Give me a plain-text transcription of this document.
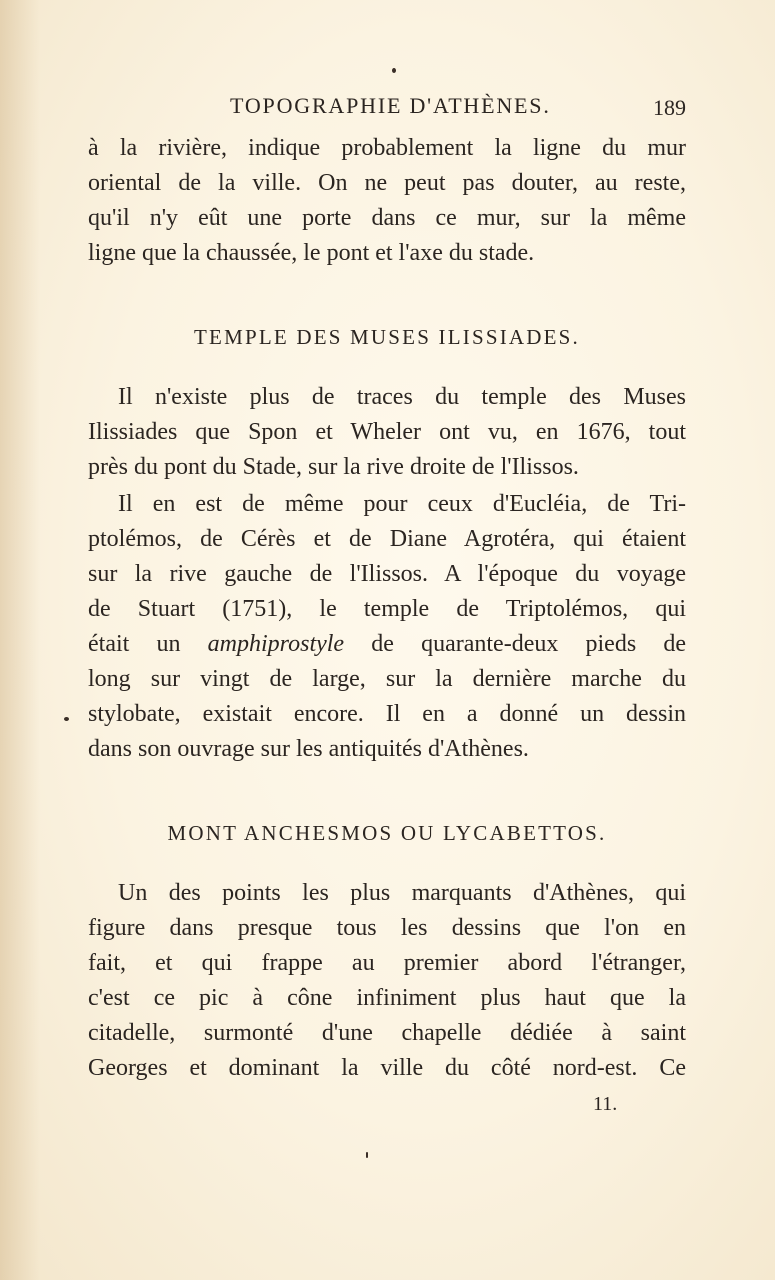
TOPOGRAPHIE D'ATHÈNES.	189
à la rivière, indique probablement la ligne du mur
oriental de la ville. On ne peut pas douter, au reste,
qu'il n'y eût une porte dans ce mur, sur la même
ligne que la chaussée, le pont et l'axe du stade.
TEMPLE DES MUSES ILISSIADES.
Il n'existe plus de traces du temple des Muses
Ilissiades que Spon et Wheler ont vu, en 1676, tout
près du pont du Stade, sur la rive droite de l'Ilissos.
Il en est de même pour ceux d'Eucléia, de Tri-
ptolémos, de Cérès et de Diane Agrotéra, qui étaient
sur la rive gauche de l'Ilissos. A l'époque du voyage
de Stuart (1751), le temple de Triptolémos, qui
était un amphiprostyle de quarante-deux pieds de
long sur vingt de large, sur la dernière marche du
stylobate, existait encore. Il en a donné un dessin
dans son ouvrage sur les antiquités d'Athènes.
MONT ANCHESMOS OU LYCABETTOS.
Un des points les plus marquants d'Athènes, qui
figure dans presque tous les dessins que l'on en
fait, et qui frappe au premier abord l'étranger,
c'est ce pic à cône infiniment plus haut que la
citadelle, surmonté d'une chapelle dédiée à saint
Georges et dominant la ville du côté nord-est. Ce
11.
